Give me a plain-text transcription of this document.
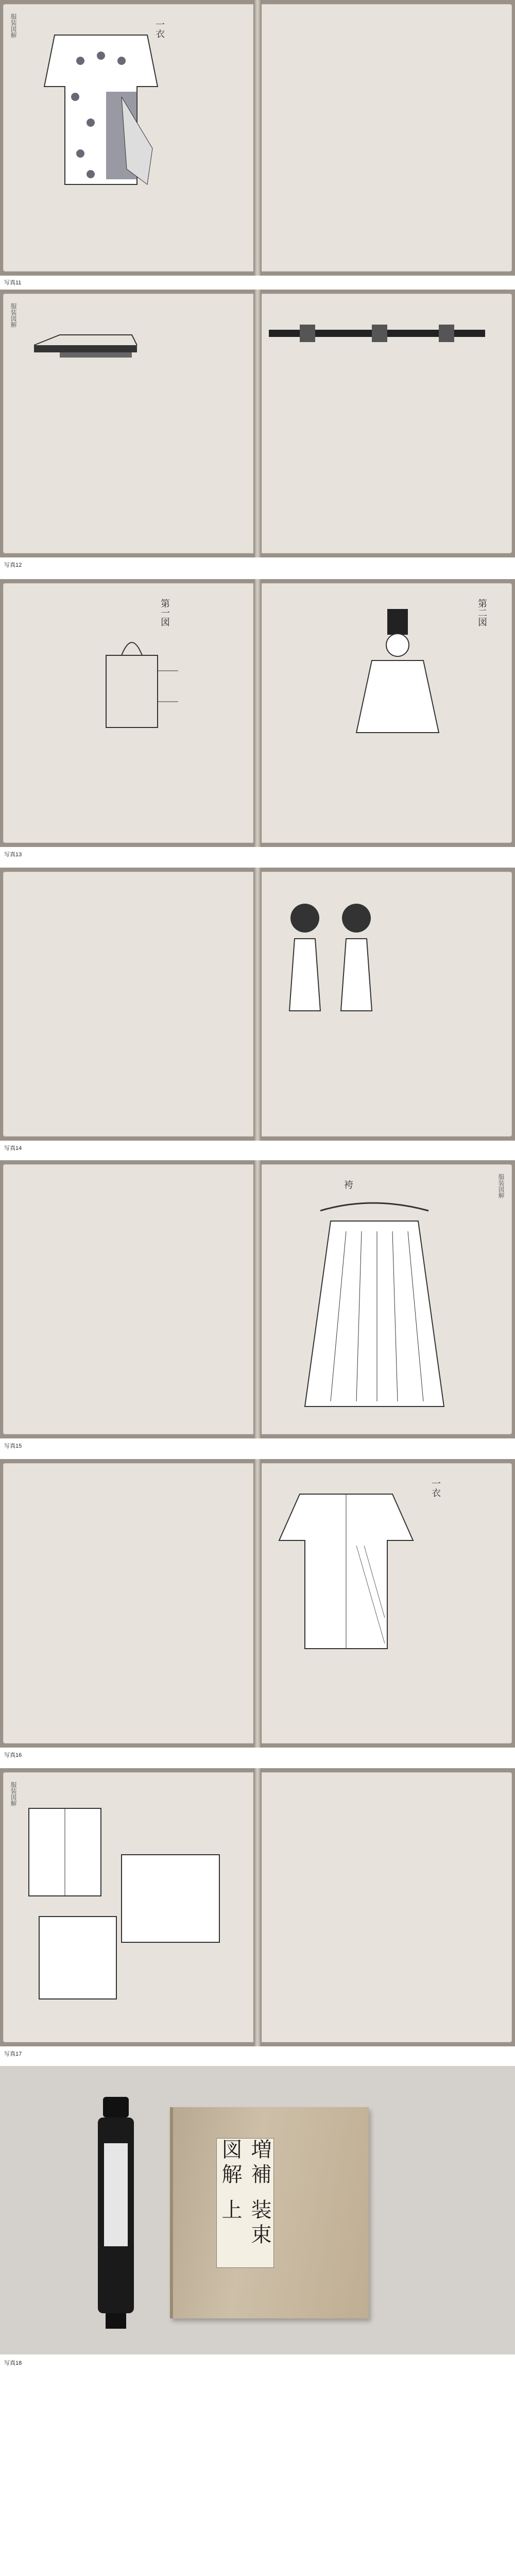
服装図解	一衣
写真11
服装図解
写真12
第一図	第二図
写真13
写真14
服装図解
袴
写真15
一衣
写真16
服装図解
写真17
増補 装束図解 上
写真18
